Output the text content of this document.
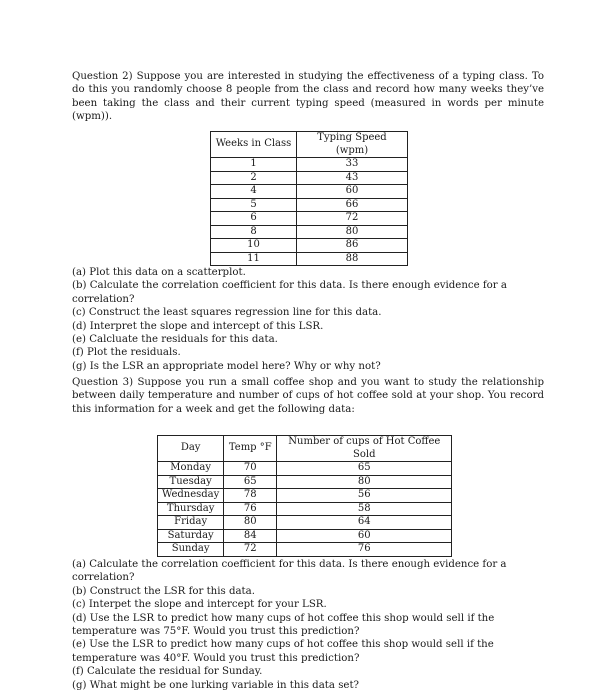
Question 2) Suppose you are interested in studying the effectiveness of a typing class. To do this you randomly choose 8 people from the class and record how many weeks they’ve been taking the class and their current typing speed (measured in words per minute (wpm)).

Weeks in Class	Typing Speed (wpm)
1	33
2	43
4	60
5	66
6	72
8	80
10	86
11	88
(a) Plot this data on a scatterplot.
(b) Calculate the correlation coefficient for this data. Is there enough evidence for a correlation?
(c) Construct the least squares regression line for this data.
(d) Interpret the slope and intercept of this LSR.
(e) Calcluate the residuals for this data.
(f) Plot the residuals.
(g) Is the LSR an appropriate model here? Why or why not?

Question 3) Suppose you run a small coffee shop and you want to study the relationship between daily temperature and number of cups of hot coffee sold at your shop. You record this information for a week and get the following data:

Day	Temp °F	Number of cups of Hot Coffee Sold
Monday	70	65
Tuesday	65	80
Wednesday	78	56
Thursday	76	58
Friday	80	64
Saturday	84	60
Sunday	72	76
(a) Calculate the correlation coefficient for this data. Is there enough evidence for a correlation?
(b) Construct the LSR for this data.
(c) Interpet the slope and intercept for your LSR.
(d) Use the LSR to predict how many cups of hot coffee this shop would sell if the temperature was 75°F. Would you trust this prediction?
(e) Use the LSR to predict how many cups of hot coffee this shop would sell if the temperature was 40°F. Would you trust this prediction?
(f) Calculate the residual for Sunday.
(g) What might be one lurking variable in this data set?
